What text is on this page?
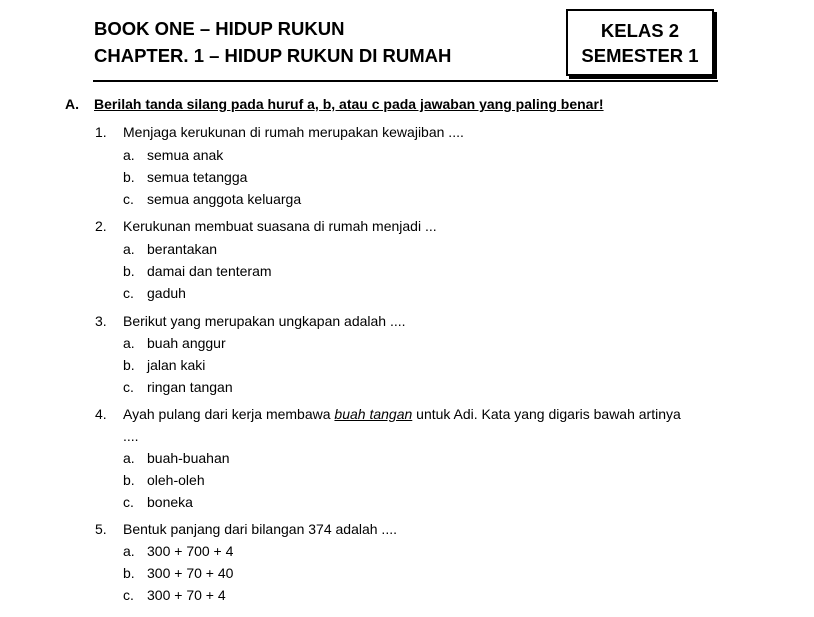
BOOK ONE – HIDUP RUKUN
CHAPTER. 1 – HIDUP RUKUN DI RUMAH
KELAS 2
SEMESTER 1
A. Berilah tanda silang pada huruf a, b, atau c pada jawaban yang paling benar!
1. Menjaga kerukunan di rumah merupakan kewajiban ....
a. semua anak
b. semua tetangga
c. semua anggota keluarga
2. Kerukunan membuat suasana di rumah menjadi ...
a. berantakan
b. damai dan tenteram
c. gaduh
3. Berikut yang merupakan ungkapan adalah ....
a. buah anggur
b. jalan kaki
c. ringan tangan
4. Ayah pulang dari kerja membawa buah tangan untuk Adi. Kata yang digaris bawah artinya
....
a. buah-buahan
b. oleh-oleh
c. boneka
5. Bentuk panjang dari bilangan 374 adalah ....
a. 300 + 700 + 4
b. 300 + 70 + 40
c. 300 + 70 + 4
